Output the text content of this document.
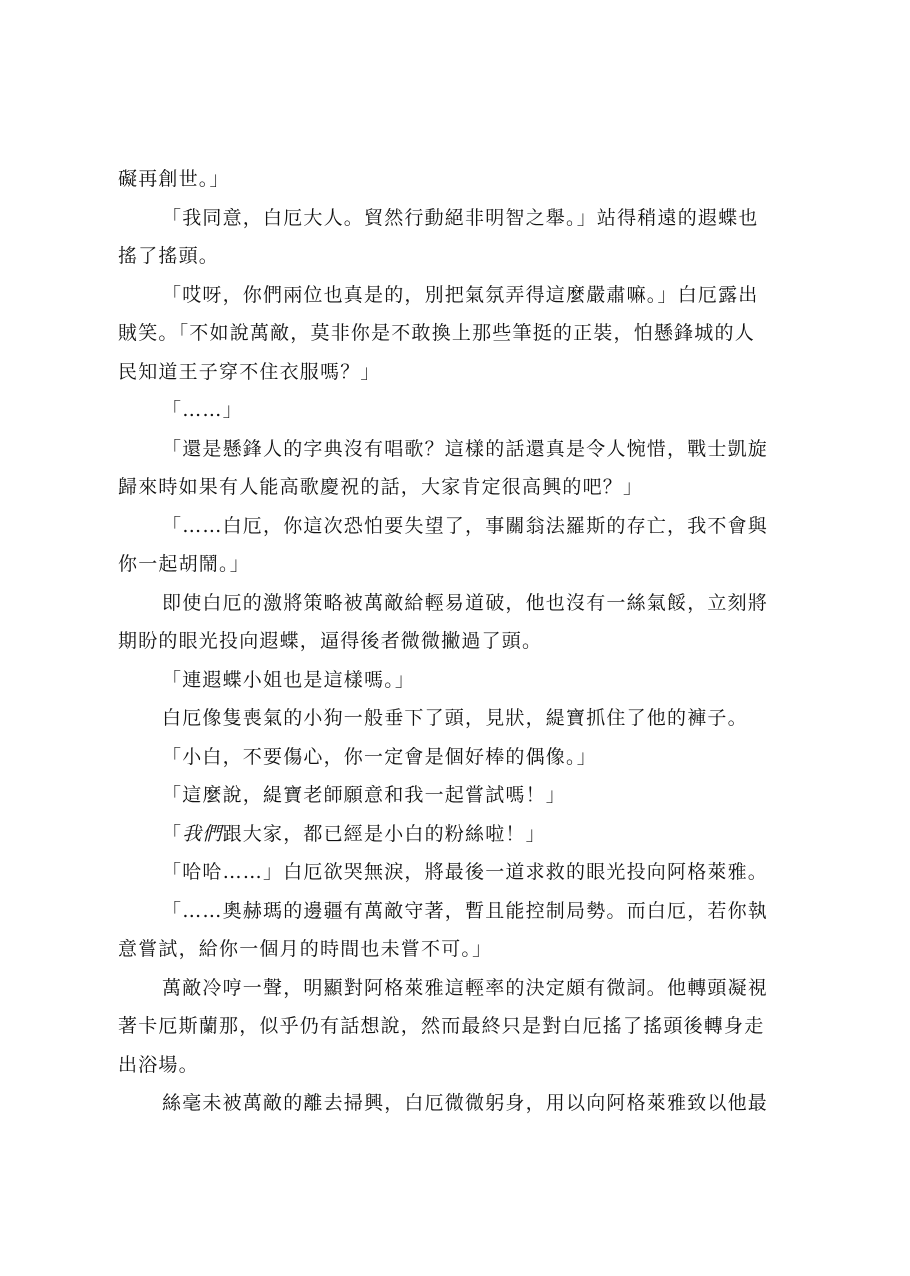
礙再創世。」
「我同意，白厄大人。貿然行動絕非明智之舉。」站得稍遠的遐蝶也
搖了搖頭。
「哎呀，你們兩位也真是的，別把氣氛弄得這麼嚴肅嘛。」白厄露出
賊笑。「不如說萬敵，莫非你是不敢換上那些筆挺的正裝，怕懸鋒城的人
民知道王子穿不住衣服嗎？」
「……」
「還是懸鋒人的字典沒有唱歌？這樣的話還真是令人惋惜，戰士凱旋
歸來時如果有人能高歌慶祝的話，大家肯定很高興的吧？」
「……白厄，你這次恐怕要失望了，事關翁法羅斯的存亡，我不會與
你一起胡鬧。」
即使白厄的激將策略被萬敵給輕易道破，他也沒有一絲氣餒，立刻將
期盼的眼光投向遐蝶，逼得後者微微撇過了頭。
「連遐蝶小姐也是這樣嗎。」
白厄像隻喪氣的小狗一般垂下了頭，見狀，緹寶抓住了他的褲子。
「小白，不要傷心，你一定會是個好棒的偶像。」
「這麼說，緹寶老師願意和我一起嘗試嗎！」
「我們跟大家，都已經是小白的粉絲啦！」
「哈哈……」白厄欲哭無淚，將最後一道求救的眼光投向阿格萊雅。
「……奧赫瑪的邊疆有萬敵守著，暫且能控制局勢。而白厄，若你執
意嘗試，給你一個月的時間也未嘗不可。」
萬敵冷哼一聲，明顯對阿格萊雅這輕率的決定頗有微詞。他轉頭凝視
著卡厄斯蘭那，似乎仍有話想說，然而最終只是對白厄搖了搖頭後轉身走
出浴場。
絲毫未被萬敵的離去掃興，白厄微微躬身，用以向阿格萊雅致以他最
